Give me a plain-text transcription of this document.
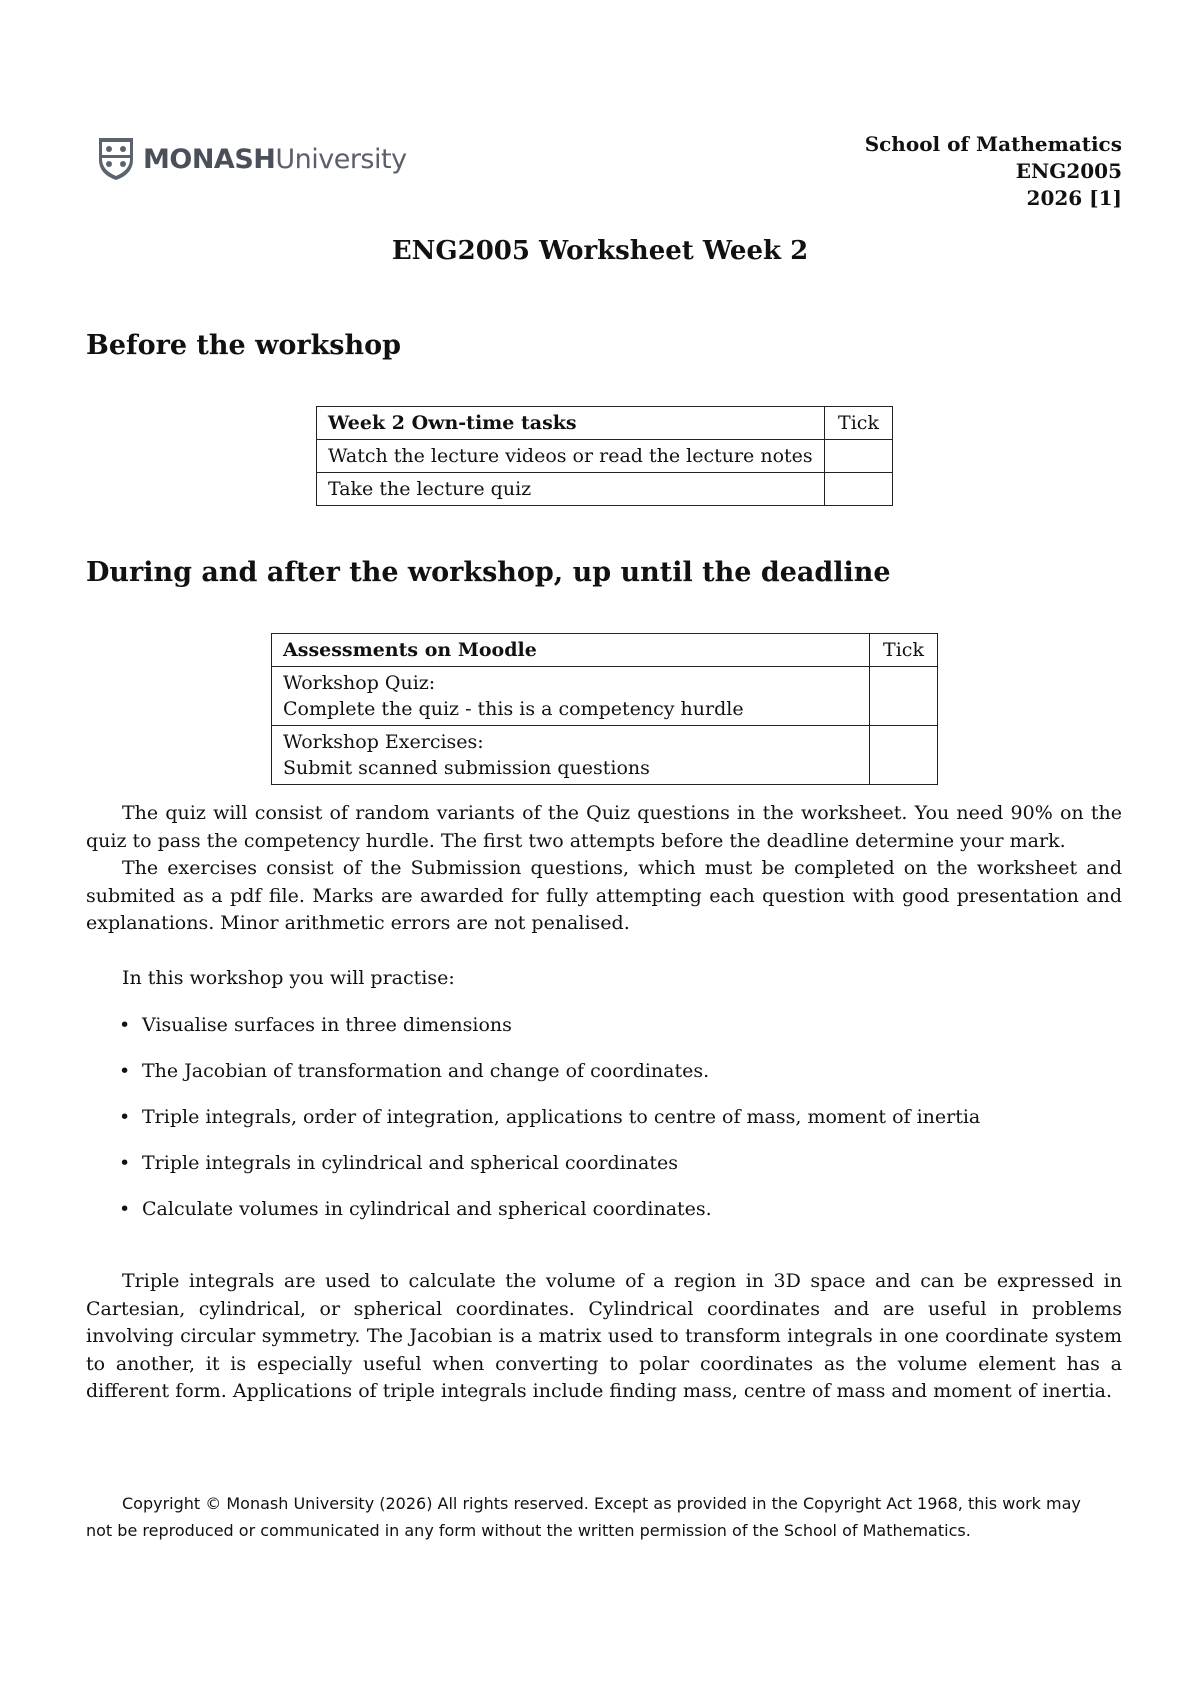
MONASHUniversity	School of Mathematics
ENG2005
2026 [1]
ENG2005 Worksheet Week 2
Before the workshop
Week 2 Own-time tasks	Tick
Watch the lecture videos or read the lecture notes	
Take the lecture quiz	
During and after the workshop, up until the deadline
Assessments on Moodle	Tick

Workshop Quiz:
Complete the quiz - this is a competency hurdle	

Workshop Exercises:
Submit scanned submission questions	

The quiz will consist of random variants of the Quiz questions in the worksheet. You need 90% on the quiz to pass the competency hurdle. The first two attempts before the deadline determine your mark.

The exercises consist of the Submission questions, which must be completed on the worksheet and submited as a pdf file. Marks are awarded for fully attempting each question with good presentation and explanations. Minor arithmetic errors are not penalised.

In this workshop you will practise:

• Visualise surfaces in three dimensions
• The Jacobian of transformation and change of coordinates.
• Triple integrals, order of integration, applications to centre of mass, moment of inertia
• Triple integrals in cylindrical and spherical coordinates
• Calculate volumes in cylindrical and spherical coordinates.

Triple integrals are used to calculate the volume of a region in 3D space and can be expressed in Cartesian, cylindrical, or spherical coordinates. Cylindrical coordinates and are useful in problems involving circular symmetry. The Jacobian is a matrix used to transform integrals in one coordinate system to another, it is especially useful when converting to polar coordinates as the volume element has a different form. Applications of triple integrals include finding mass, centre of mass and moment of inertia.

Copyright © Monash University (2026) All rights reserved. Except as provided in the Copyright Act 1968, this work may
not be reproduced or communicated in any form without the written permission of the School of Mathematics.
